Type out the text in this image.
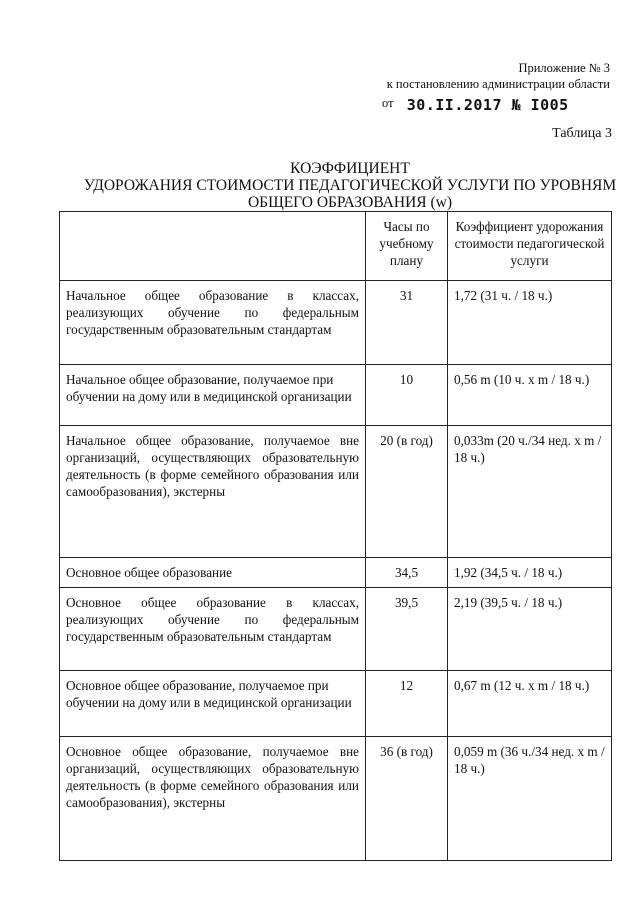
Приложение № 3
к постановлению администрации области
от 30.II.2017 № I005
Таблица 3
КОЭФФИЦИЕНТ
УДОРОЖАНИЯ СТОИМОСТИ ПЕДАГОГИЧЕСКОЙ УСЛУГИ ПО УРОВНЯМ
ОБЩЕГО ОБРАЗОВАНИЯ (w)
	Часы по учебному плану	Коэффициент удорожания стоимости педагогической услуги
Начальное общее образование в классах, реализующих обучение по федеральным государственным образовательным стандартам	31	1,72 (31 ч. / 18 ч.)
Начальное общее образование, получаемое при обучении на дому или в медицинской организации	10	0,56 m (10 ч. x m / 18 ч.)
Начальное общее образование, получаемое вне организаций, осуществляющих образовательную деятельность (в форме семейного образования или самообразования), экстерны	20 (в год)	0,033m (20 ч./34 нед. x m / 18 ч.)
Основное общее образование	34,5	1,92 (34,5 ч. / 18 ч.)
Основное общее образование в классах, реализующих обучение по федеральным государственным образовательным стандартам	39,5	2,19 (39,5 ч. / 18 ч.)
Основное общее образование, получаемое при обучении на дому или в медицинской организации	12	0,67 m (12 ч. x m / 18 ч.)
Основное общее образование, получаемое вне организаций, осуществляющих образовательную деятельность (в форме семейного образования или самообразования), экстерны	36 (в год)	0,059 m (36 ч./34 нед. x m / 18 ч.)
